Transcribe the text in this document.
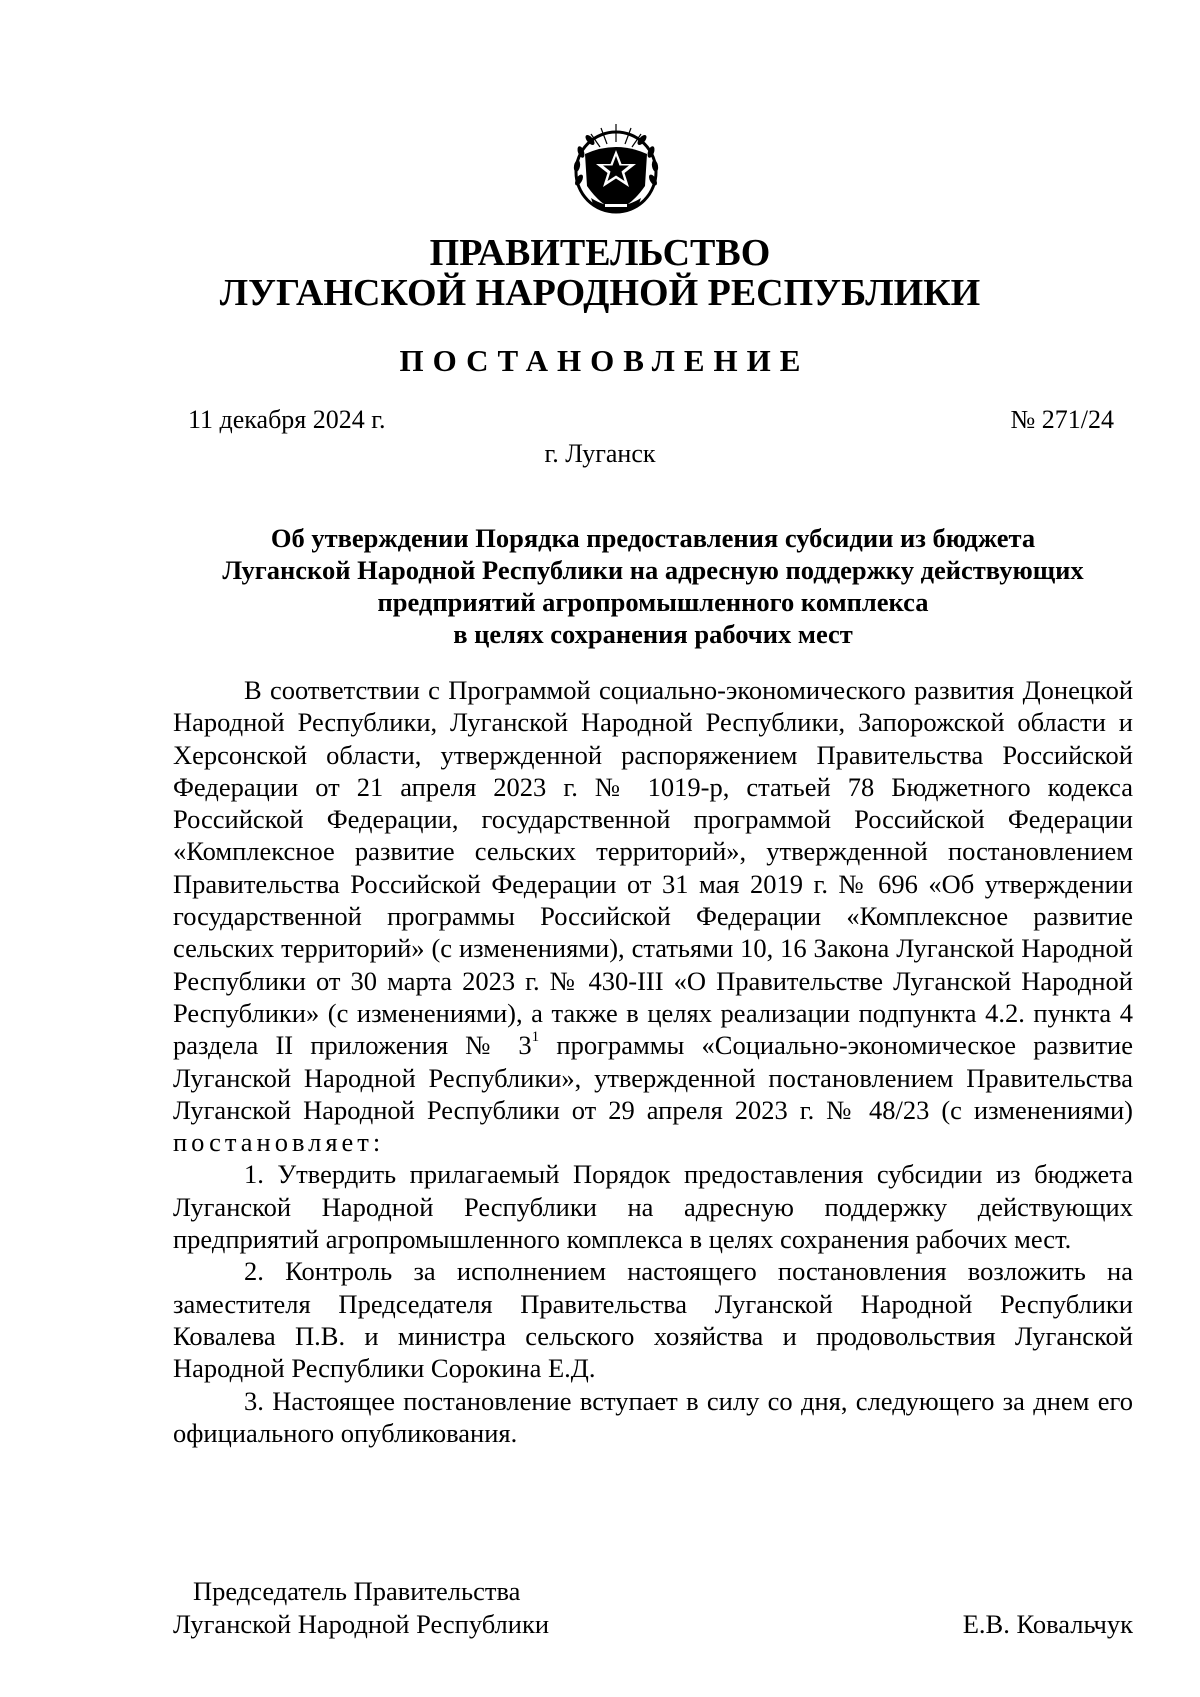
ПРАВИТЕЛЬСТВО
ЛУГАНСКОЙ НАРОДНОЙ РЕСПУБЛИКИ
ПОСТАНОВЛЕНИЕ
11 декабря 2024 г.	№ 271/24
г. Луганск
Об утверждении Порядка предоставления субсидии из бюджета
Луганской Народной Республики на адресную поддержку действующих
предприятий агропромышленного комплекса
в целях сохранения рабочих мест

В соответствии с Программой социально-экономического развития Донецкой Народной Республики, Луганской Народной Республики, Запорожской области и Херсонской области, утвержденной распоряжением Правительства Российской Федерации от 21 апреля 2023 г. № 1019-р, статьей 78 Бюджетного кодекса Российской Федерации, государственной программой Российской Федерации «Комплексное развитие сельских территорий», утвержденной постановлением Правительства Российской Федерации от 31 мая 2019 г. № 696 «Об утверждении государственной программы Российской Федерации «Комплексное развитие сельских территорий» (с изменениями), статьями 10, 16 Закона Луганской Народной Республики от 30 марта 2023 г. № 430-III «О Правительстве Луганской Народной Республики» (с изменениями), а также в целях реализации подпункта 4.2. пункта 4 раздела II приложения № 3$^1$ программы «Социально-экономическое развитие Луганской Народной Республики», утвержденной постановлением Правительства Луганской Народной Республики от 29 апреля 2023 г. № 48/23 (с изменениями) постановляет:

1. Утвердить прилагаемый Порядок предоставления субсидии из бюджета Луганской Народной Республики на адресную поддержку действующих предприятий агропромышленного комплекса в целях сохранения рабочих мест.

2. Контроль за исполнением настоящего постановления возложить на заместителя Председателя Правительства Луганской Народной Республики Ковалева П.В. и министра сельского хозяйства и продовольствия Луганской Народной Республики Сорокина Е.Д.

3. Настоящее постановление вступает в силу со дня, следующего за днем его официального опубликования.

Председатель Правительства
Луганской Народной Республики	Е.В. Ковальчук
